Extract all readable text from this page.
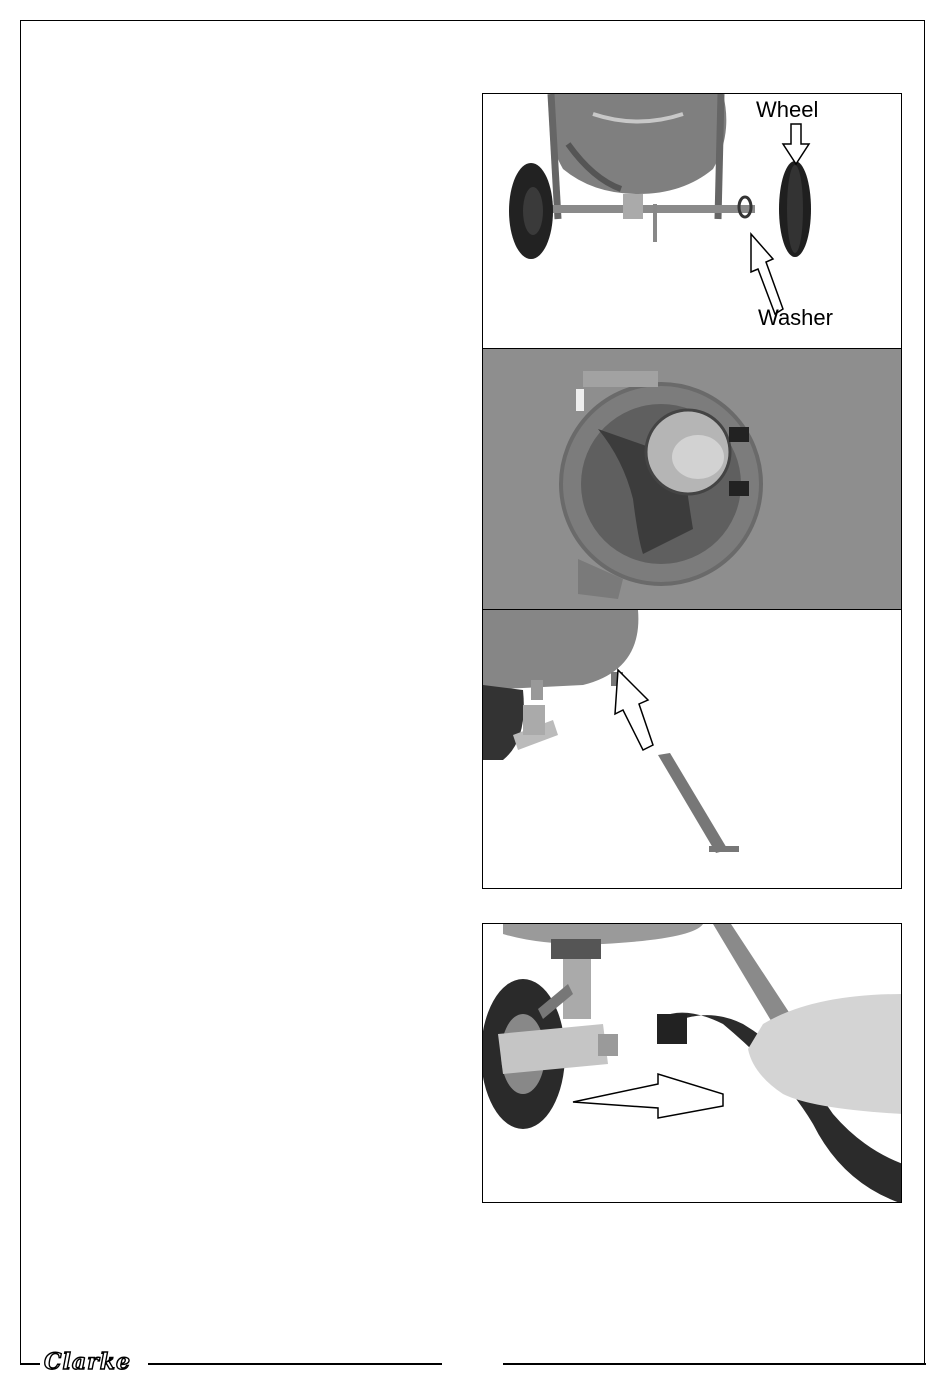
Wheel
Washer
Clarke
